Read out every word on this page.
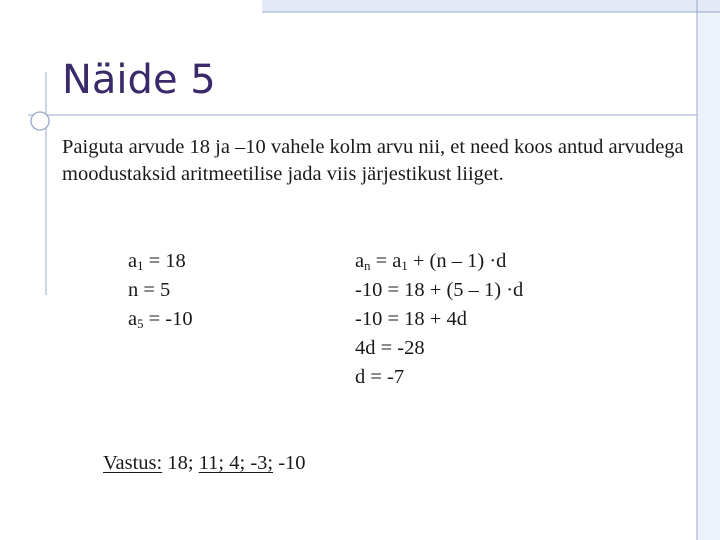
Näide 5

Paiguta arvude 18 ja –10 vahele kolm arvu nii, et need koos antud arvudega moodustaksid aritmeetilise jada viis järjestikust liiget.

$a_1 = 18$
n = 5
$a_5 = -10$
$a_n = a_1 + (n - 1) \cdot d$
-10 = 18 + (5 – 1) ·d
-10 = 18 + 4d
4d = -28
d = -7
Vastus: 18; 11; 4; -3; -10
